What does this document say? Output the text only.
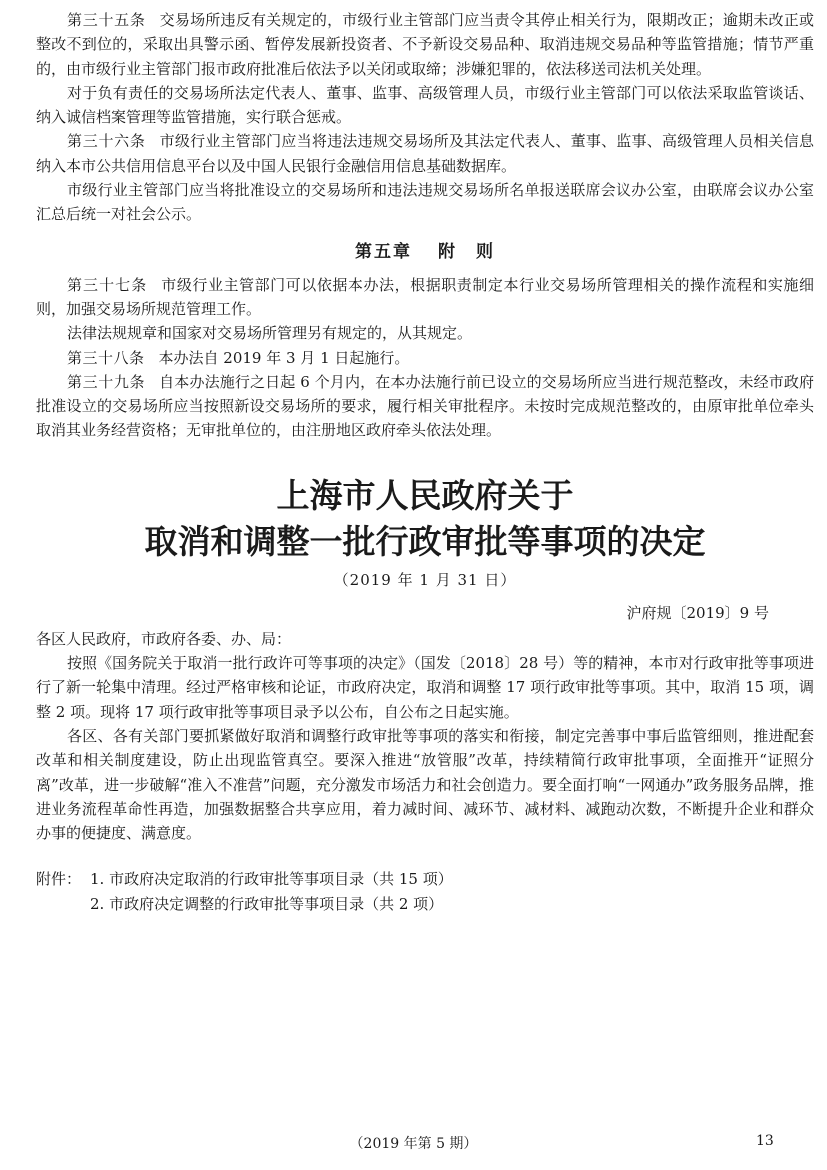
第三十五条 交易场所违反有关规定的，市级行业主管部门应当责令其停止相关行为，限期改正；逾期未改正或整改不到位的，采取出具警示函、暂停发展新投资者、不予新设交易品种、取消违规交易品种等监管措施；情节严重的，由市级行业主管部门报市政府批准后依法予以关闭或取缔；涉嫌犯罪的，依法移送司法机关处理。

对于负有责任的交易场所法定代表人、董事、监事、高级管理人员，市级行业主管部门可以依法采取监管谈话、纳入诚信档案管理等监管措施，实行联合惩戒。

第三十六条 市级行业主管部门应当将违法违规交易场所及其法定代表人、董事、监事、高级管理人员相关信息纳入本市公共信用信息平台以及中国人民银行金融信用信息基础数据库。

市级行业主管部门应当将批准设立的交易场所和违法违规交易场所名单报送联席会议办公室，由联席会议办公室汇总后统一对社会公示。

第五章 附　则

第三十七条 市级行业主管部门可以依据本办法，根据职责制定本行业交易场所管理相关的操作流程和实施细则，加强交易场所规范管理工作。

法律法规规章和国家对交易场所管理另有规定的，从其规定。

第三十八条 本办法自 2019 年 3 月 1 日起施行。

第三十九条 自本办法施行之日起 6 个月内，在本办法施行前已设立的交易场所应当进行规范整改，未经市政府批准设立的交易场所应当按照新设交易场所的要求，履行相关审批程序。未按时完成规范整改的，由原审批单位牵头取消其业务经营资格；无审批单位的，由注册地区政府牵头依法处理。

上海市人民政府关于
取消和调整一批行政审批等事项的决定
（2019 年 1 月 31 日）
沪府规〔2019〕9 号

各区人民政府，市政府各委、办、局：

按照《国务院关于取消一批行政许可等事项的决定》（国发〔2018〕28 号）等的精神，本市对行政审批等事项进行了新一轮集中清理。经过严格审核和论证，市政府决定，取消和调整 17 项行政审批等事项。其中，取消 15 项，调整 2 项。现将 17 项行政审批等事项目录予以公布，自公布之日起实施。

各区、各有关部门要抓紧做好取消和调整行政审批等事项的落实和衔接，制定完善事中事后监管细则，推进配套改革和相关制度建设，防止出现监管真空。要深入推进“放管服”改革，持续精简行政审批事项，全面推开“证照分离”改革，进一步破解“准入不准营”问题，充分激发市场活力和社会创造力。要全面打响“一网通办”政务服务品牌，推进业务流程革命性再造，加强数据整合共享应用，着力减时间、减环节、减材料、减跑动次数，不断提升企业和群众办事的便捷度、满意度。

附件： 1. 市政府决定取消的行政审批等事项目录（共 15 项）

2. 市政府决定调整的行政审批等事项目录（共 2 项）

（2019 年第 5 期）	13
